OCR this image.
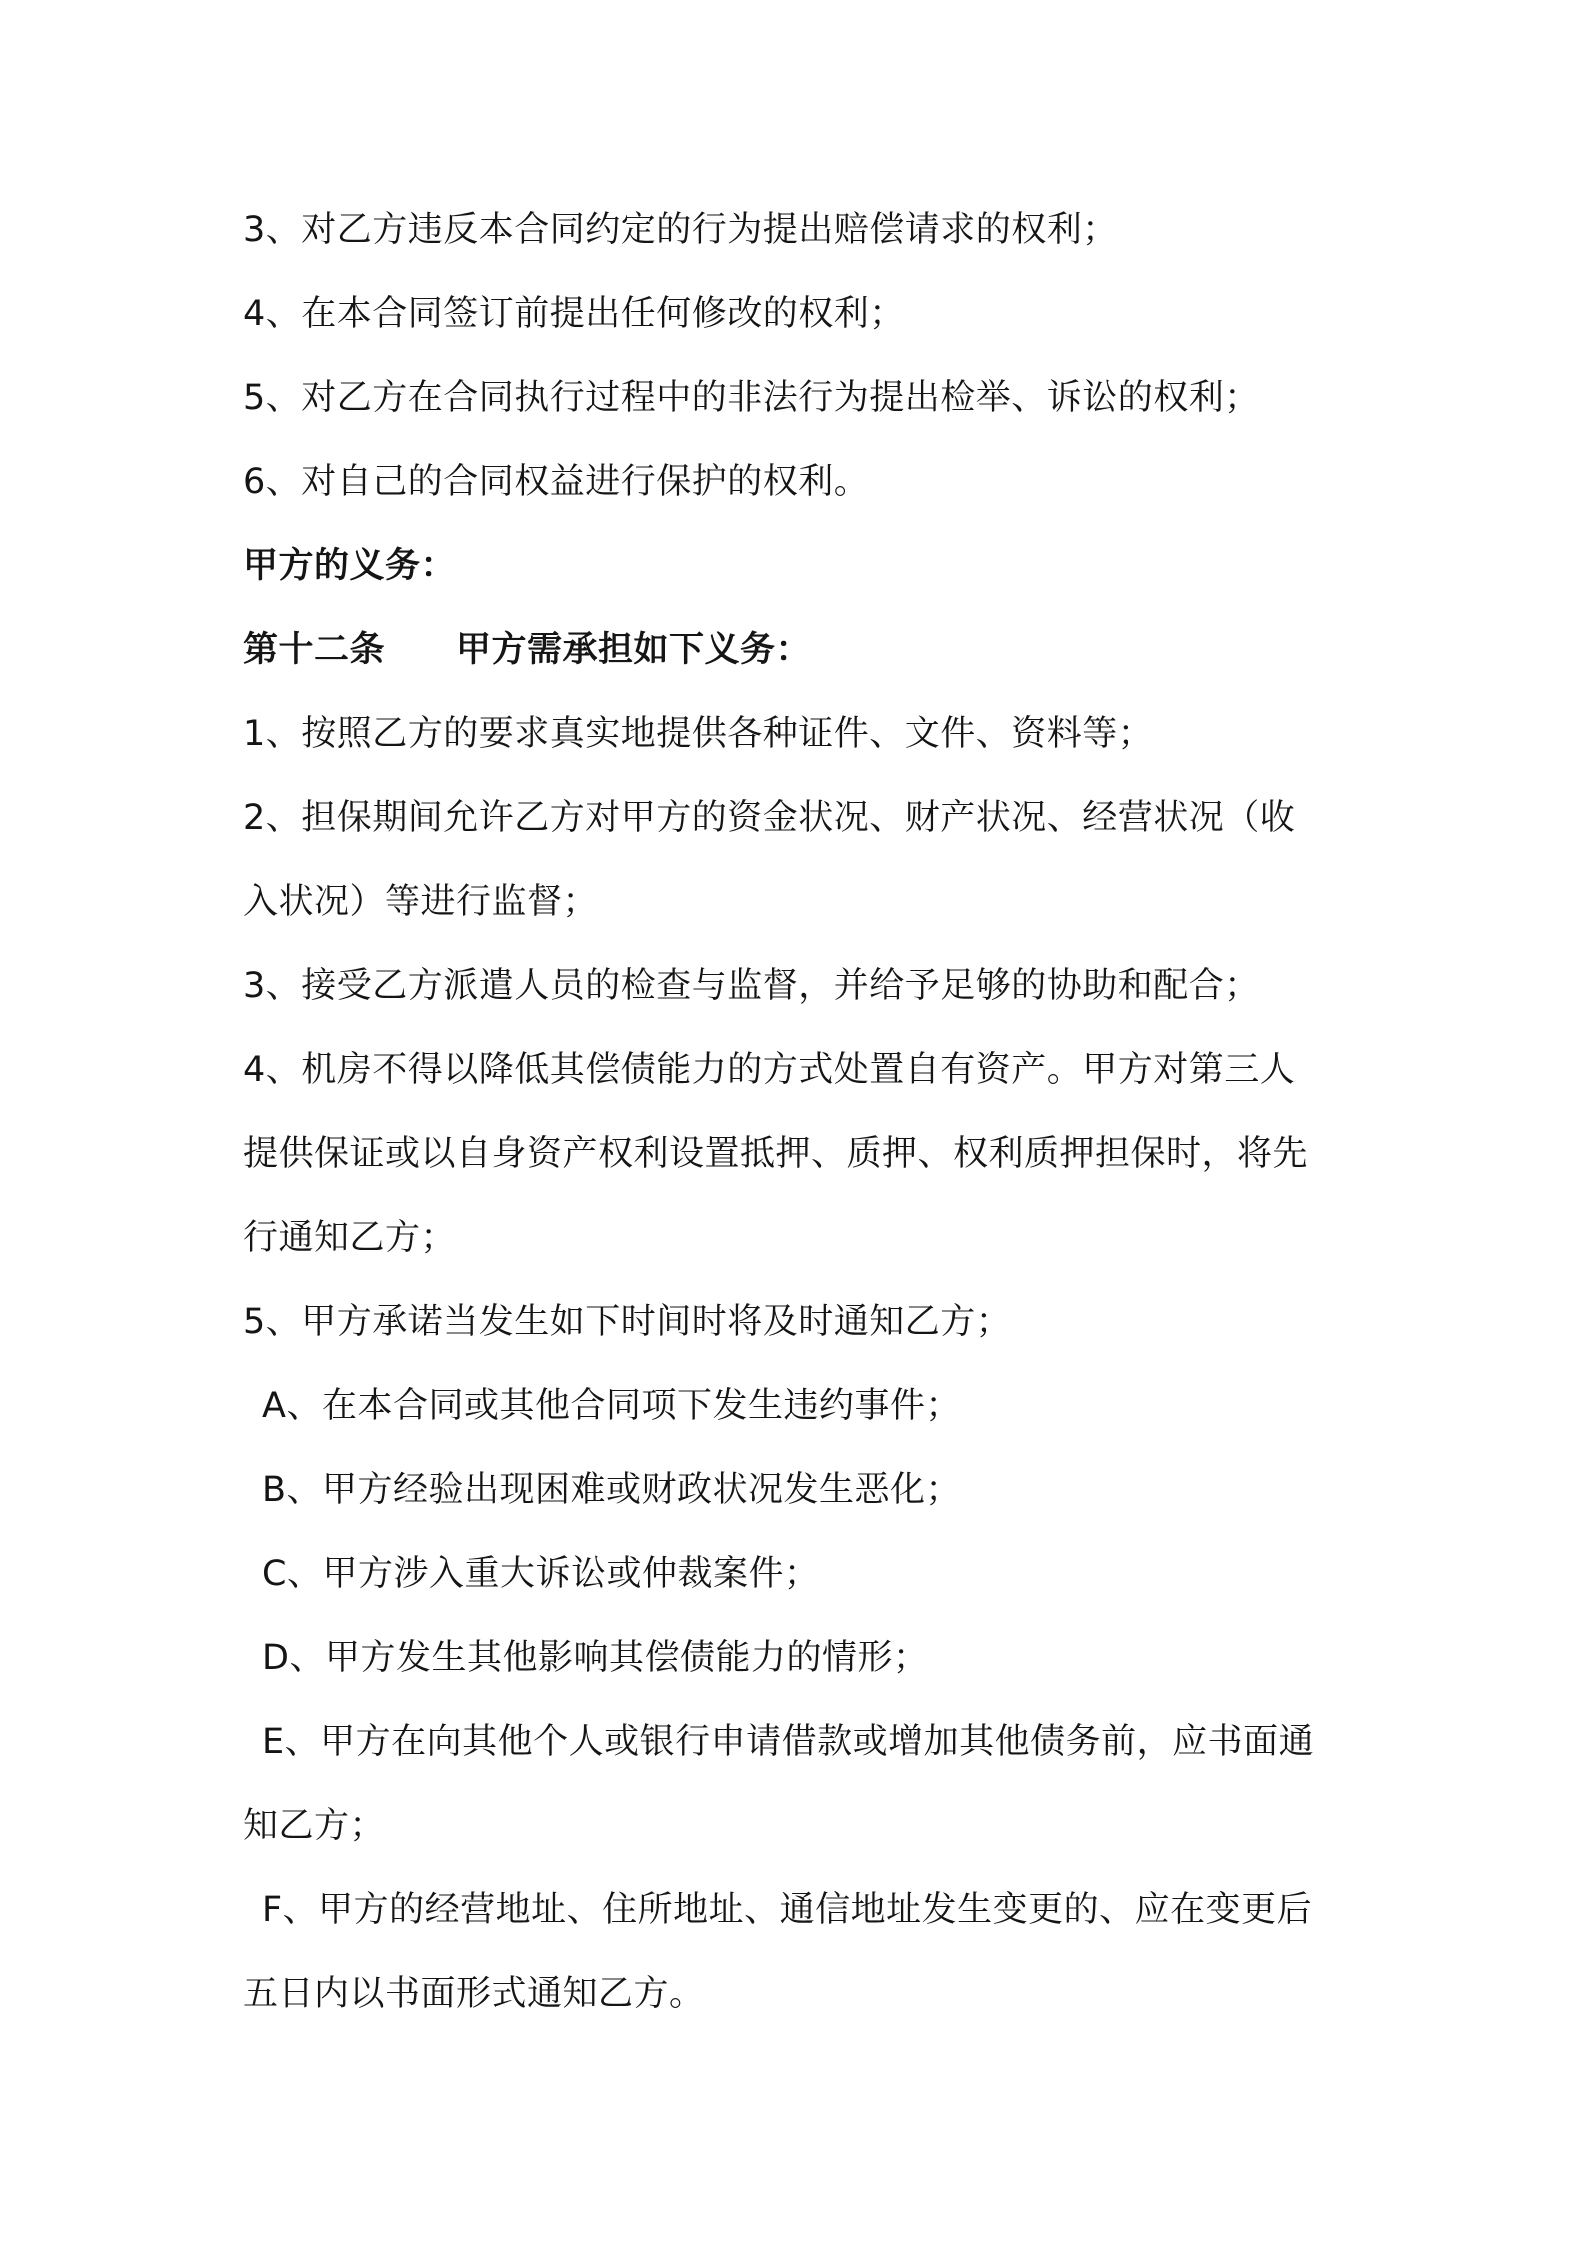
3、对乙方违反本合同约定的行为提出赔偿请求的权利；
4、在本合同签订前提出任何修改的权利；
5、对乙方在合同执行过程中的非法行为提出检举、诉讼的权利；
6、对自己的合同权益进行保护的权利。
甲方的义务：
第十二条　　甲方需承担如下义务：
1、按照乙方的要求真实地提供各种证件、文件、资料等；
2、担保期间允许乙方对甲方的资金状况、财产状况、经营状况（收
入状况）等进行监督；
3、接受乙方派遣人员的检查与监督，并给予足够的协助和配合；
4、机房不得以降低其偿债能力的方式处置自有资产。甲方对第三人
提供保证或以自身资产权利设置抵押、质押、权利质押担保时，将先
行通知乙方；
5、甲方承诺当发生如下时间时将及时通知乙方；
A、在本合同或其他合同项下发生违约事件；
B、甲方经验出现困难或财政状况发生恶化；
C、甲方涉入重大诉讼或仲裁案件；
D、甲方发生其他影响其偿债能力的情形；
E、甲方在向其他个人或银行申请借款或增加其他债务前，应书面通
知乙方；
F、甲方的经营地址、住所地址、通信地址发生变更的、应在变更后
五日内以书面形式通知乙方。
